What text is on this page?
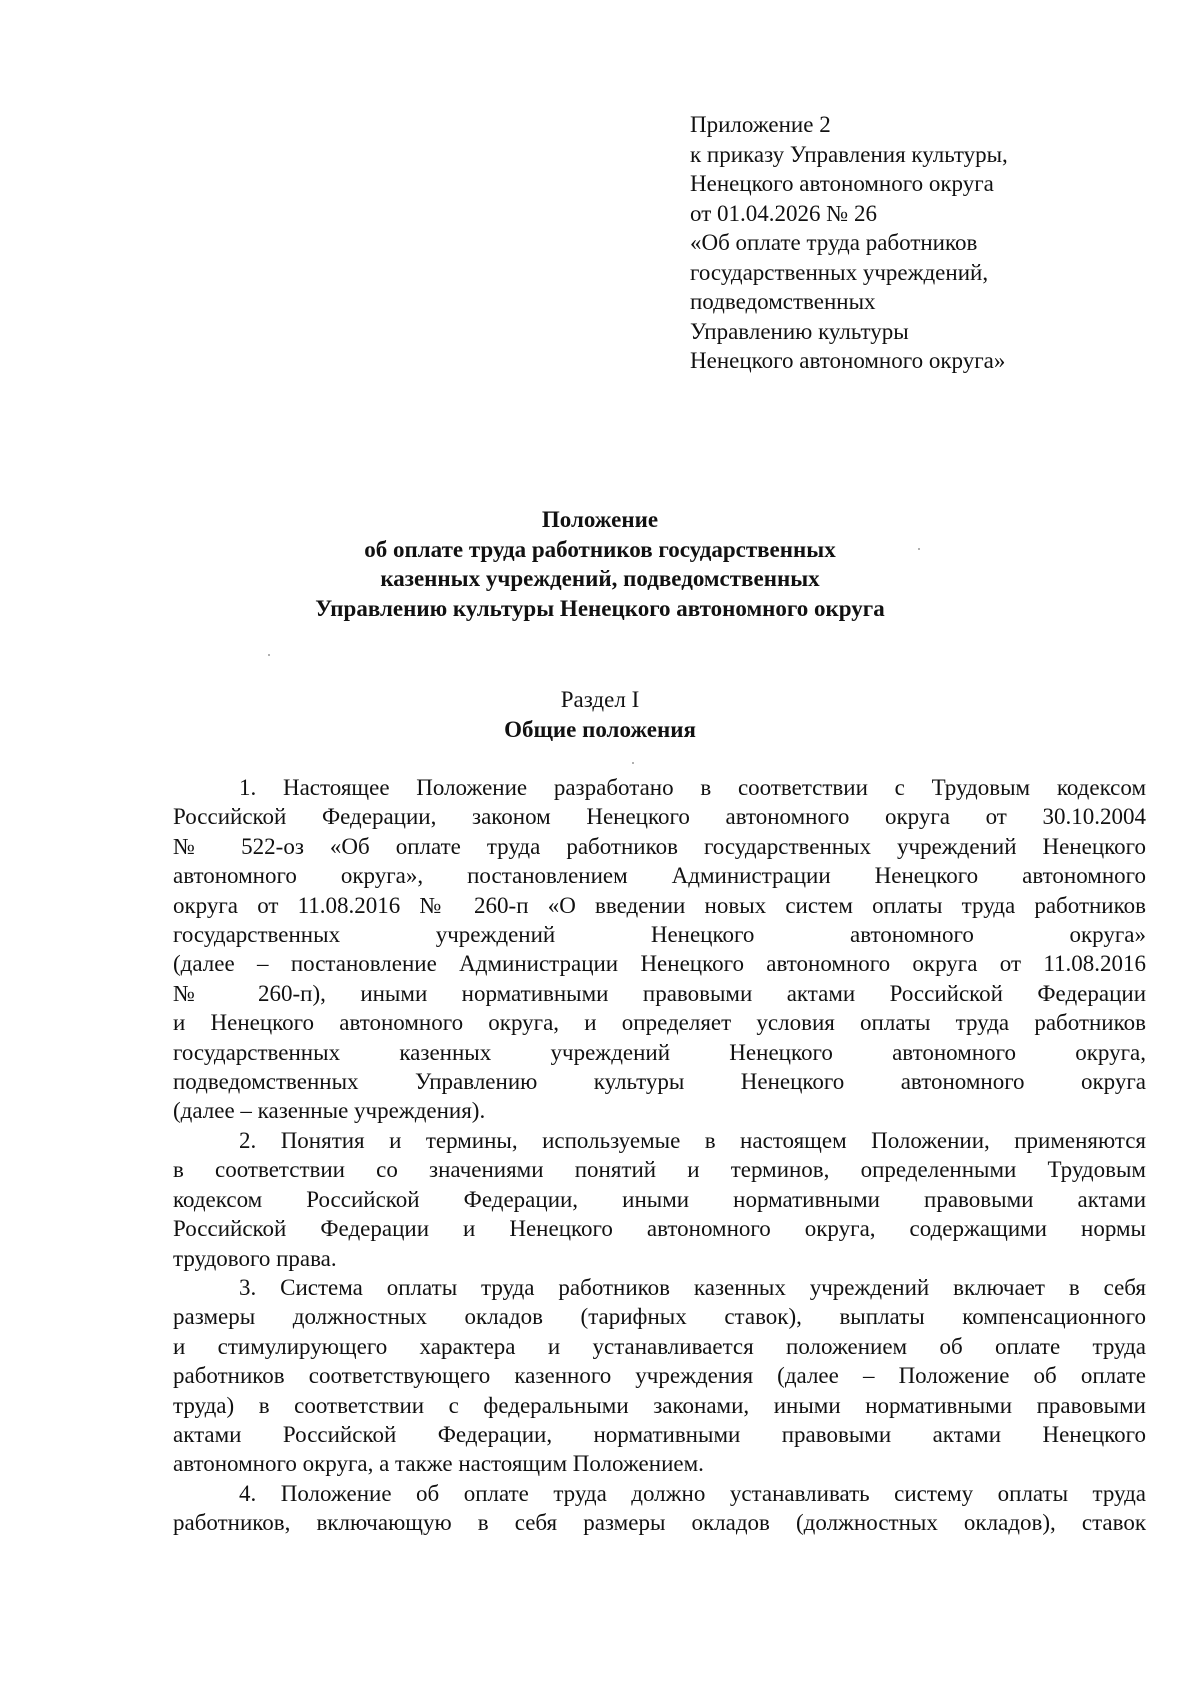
Приложение 2
к приказу Управления культуры,
Ненецкого автономного округа
от 01.04.2026 № 26
«Об оплате труда работников
государственных учреждений,
подведомственных
Управлению культуры
Ненецкого автономного округа»
Положение
об оплате труда работников государственных
казенных учреждений, подведомственных
Управлению культуры Ненецкого автономного округа
Раздел I
Общие положения
1. Настоящее Положение разработано в соответствии с Трудовым кодексом
Российской Федерации, законом Ненецкого автономного округа от 30.10.2004
№ 522-оз «Об оплате труда работников государственных учреждений Ненецкого
автономного округа», постановлением Администрации Ненецкого автономного
округа от 11.08.2016 № 260-п «О введении новых систем оплаты труда работников
государственных учреждений Ненецкого автономного округа»
(далее – постановление Администрации Ненецкого автономного округа от 11.08.2016
№ 260-п), иными нормативными правовыми актами Российской Федерации
и Ненецкого автономного округа, и определяет условия оплаты труда работников
государственных казенных учреждений Ненецкого автономного округа,
подведомственных Управлению культуры Ненецкого автономного округа
(далее – казенные учреждения).
2. Понятия и термины, используемые в настоящем Положении, применяются
в соответствии со значениями понятий и терминов, определенными Трудовым
кодексом Российской Федерации, иными нормативными правовыми актами
Российской Федерации и Ненецкого автономного округа, содержащими нормы
трудового права.
3. Система оплаты труда работников казенных учреждений включает в себя
размеры должностных окладов (тарифных ставок), выплаты компенсационного
и стимулирующего характера и устанавливается положением об оплате труда
работников соответствующего казенного учреждения (далее – Положение об оплате
труда) в соответствии с федеральными законами, иными нормативными правовыми
актами Российской Федерации, нормативными правовыми актами Ненецкого
автономного округа, а также настоящим Положением.
4. Положение об оплате труда должно устанавливать систему оплаты труда
работников, включающую в себя размеры окладов (должностных окладов), ставок
